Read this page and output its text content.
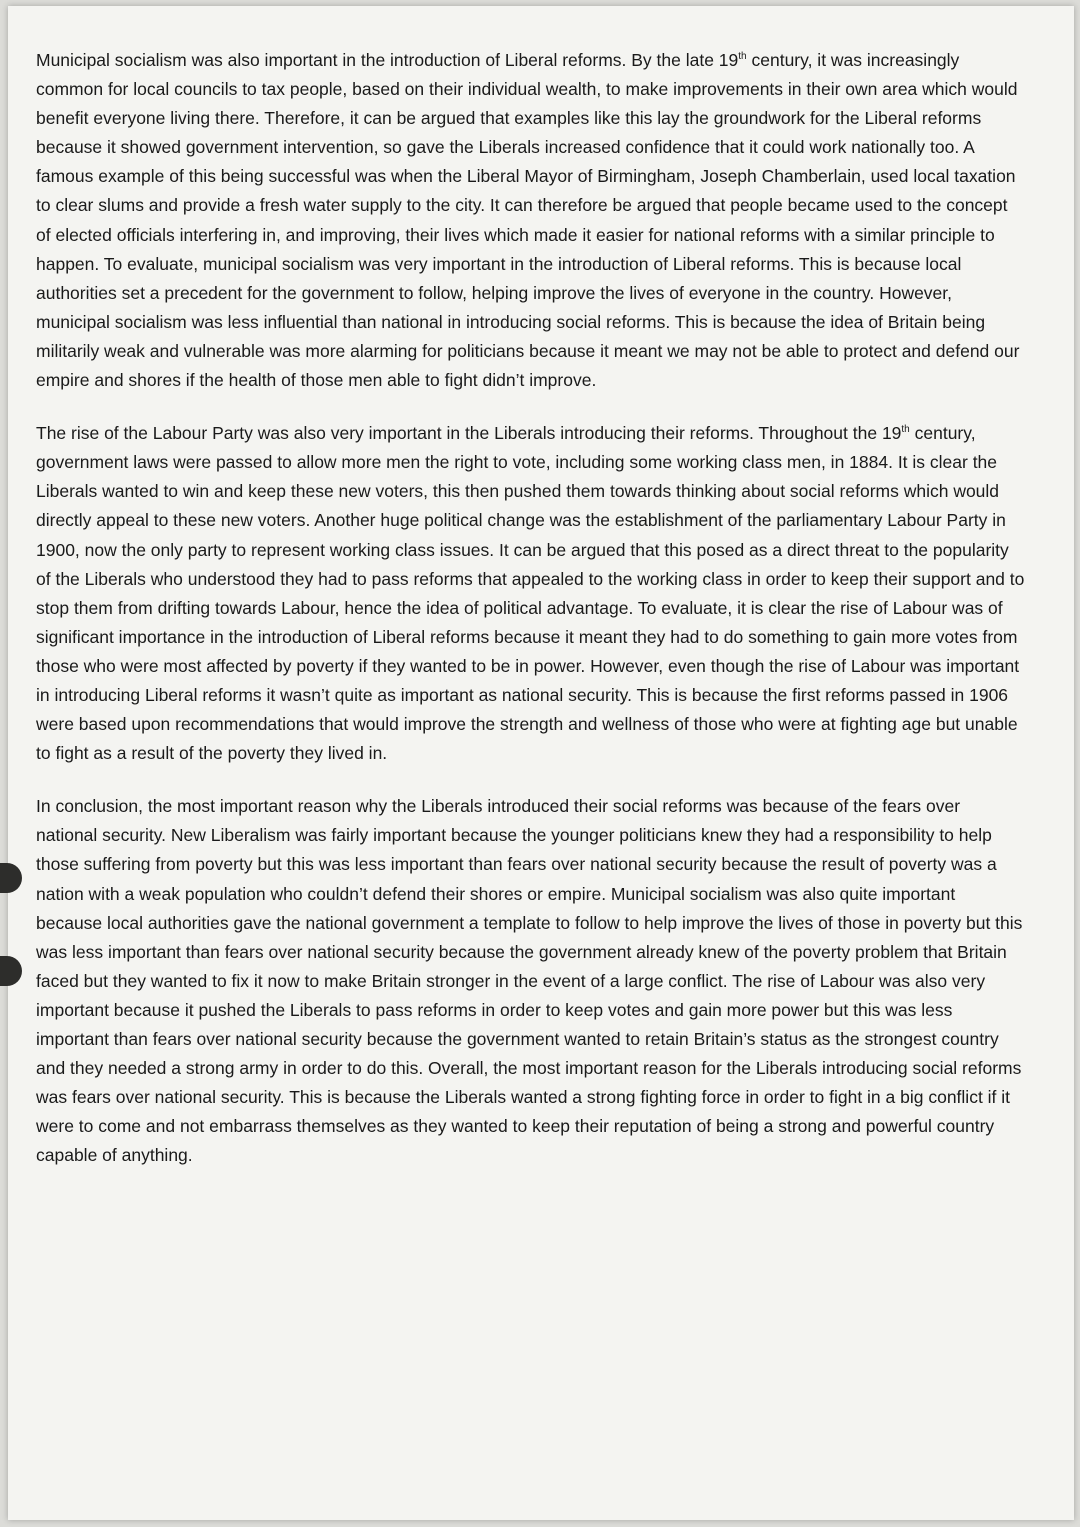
Municipal socialism was also important in the introduction of Liberal reforms. By the late 19th century, it was increasingly common for local councils to tax people, based on their individual wealth, to make improvements in their own area which would benefit everyone living there. Therefore, it can be argued that examples like this lay the groundwork for the Liberal reforms because it showed government intervention, so gave the Liberals increased confidence that it could work nationally too. A famous example of this being successful was when the Liberal Mayor of Birmingham, Joseph Chamberlain, used local taxation to clear slums and provide a fresh water supply to the city. It can therefore be argued that people became used to the concept of elected officials interfering in, and improving, their lives which made it easier for national reforms with a similar principle to happen. To evaluate, municipal socialism was very important in the introduction of Liberal reforms. This is because local authorities set a precedent for the government to follow, helping improve the lives of everyone in the country. However, municipal socialism was less influential than national in introducing social reforms. This is because the idea of Britain being militarily weak and vulnerable was more alarming for politicians because it meant we may not be able to protect and defend our empire and shores if the health of those men able to fight didn’t improve.

The rise of the Labour Party was also very important in the Liberals introducing their reforms. Throughout the 19th century, government laws were passed to allow more men the right to vote, including some working class men, in 1884. It is clear the Liberals wanted to win and keep these new voters, this then pushed them towards thinking about social reforms which would directly appeal to these new voters. Another huge political change was the establishment of the parliamentary Labour Party in 1900, now the only party to represent working class issues. It can be argued that this posed as a direct threat to the popularity of the Liberals who understood they had to pass reforms that appealed to the working class in order to keep their support and to stop them from drifting towards Labour, hence the idea of political advantage. To evaluate, it is clear the rise of Labour was of significant importance in the introduction of Liberal reforms because it meant they had to do something to gain more votes from those who were most affected by poverty if they wanted to be in power. However, even though the rise of Labour was important in introducing Liberal reforms it wasn’t quite as important as national security. This is because the first reforms passed in 1906 were based upon recommendations that would improve the strength and wellness of those who were at fighting age but unable to fight as a result of the poverty they lived in.

In conclusion, the most important reason why the Liberals introduced their social reforms was because of the fears over national security. New Liberalism was fairly important because the younger politicians knew they had a responsibility to help those suffering from poverty but this was less important than fears over national security because the result of poverty was a nation with a weak population who couldn’t defend their shores or empire. Municipal socialism was also quite important because local authorities gave the national government a template to follow to help improve the lives of those in poverty but this was less important than fears over national security because the government already knew of the poverty problem that Britain faced but they wanted to fix it now to make Britain stronger in the event of a large conflict. The rise of Labour was also very important because it pushed the Liberals to pass reforms in order to keep votes and gain more power but this was less important than fears over national security because the government wanted to retain Britain’s status as the strongest country and they needed a strong army in order to do this. Overall, the most important reason for the Liberals introducing social reforms was fears over national security. This is because the Liberals wanted a strong fighting force in order to fight in a big conflict if it were to come and not embarrass themselves as they wanted to keep their reputation of being a strong and powerful country capable of anything.
